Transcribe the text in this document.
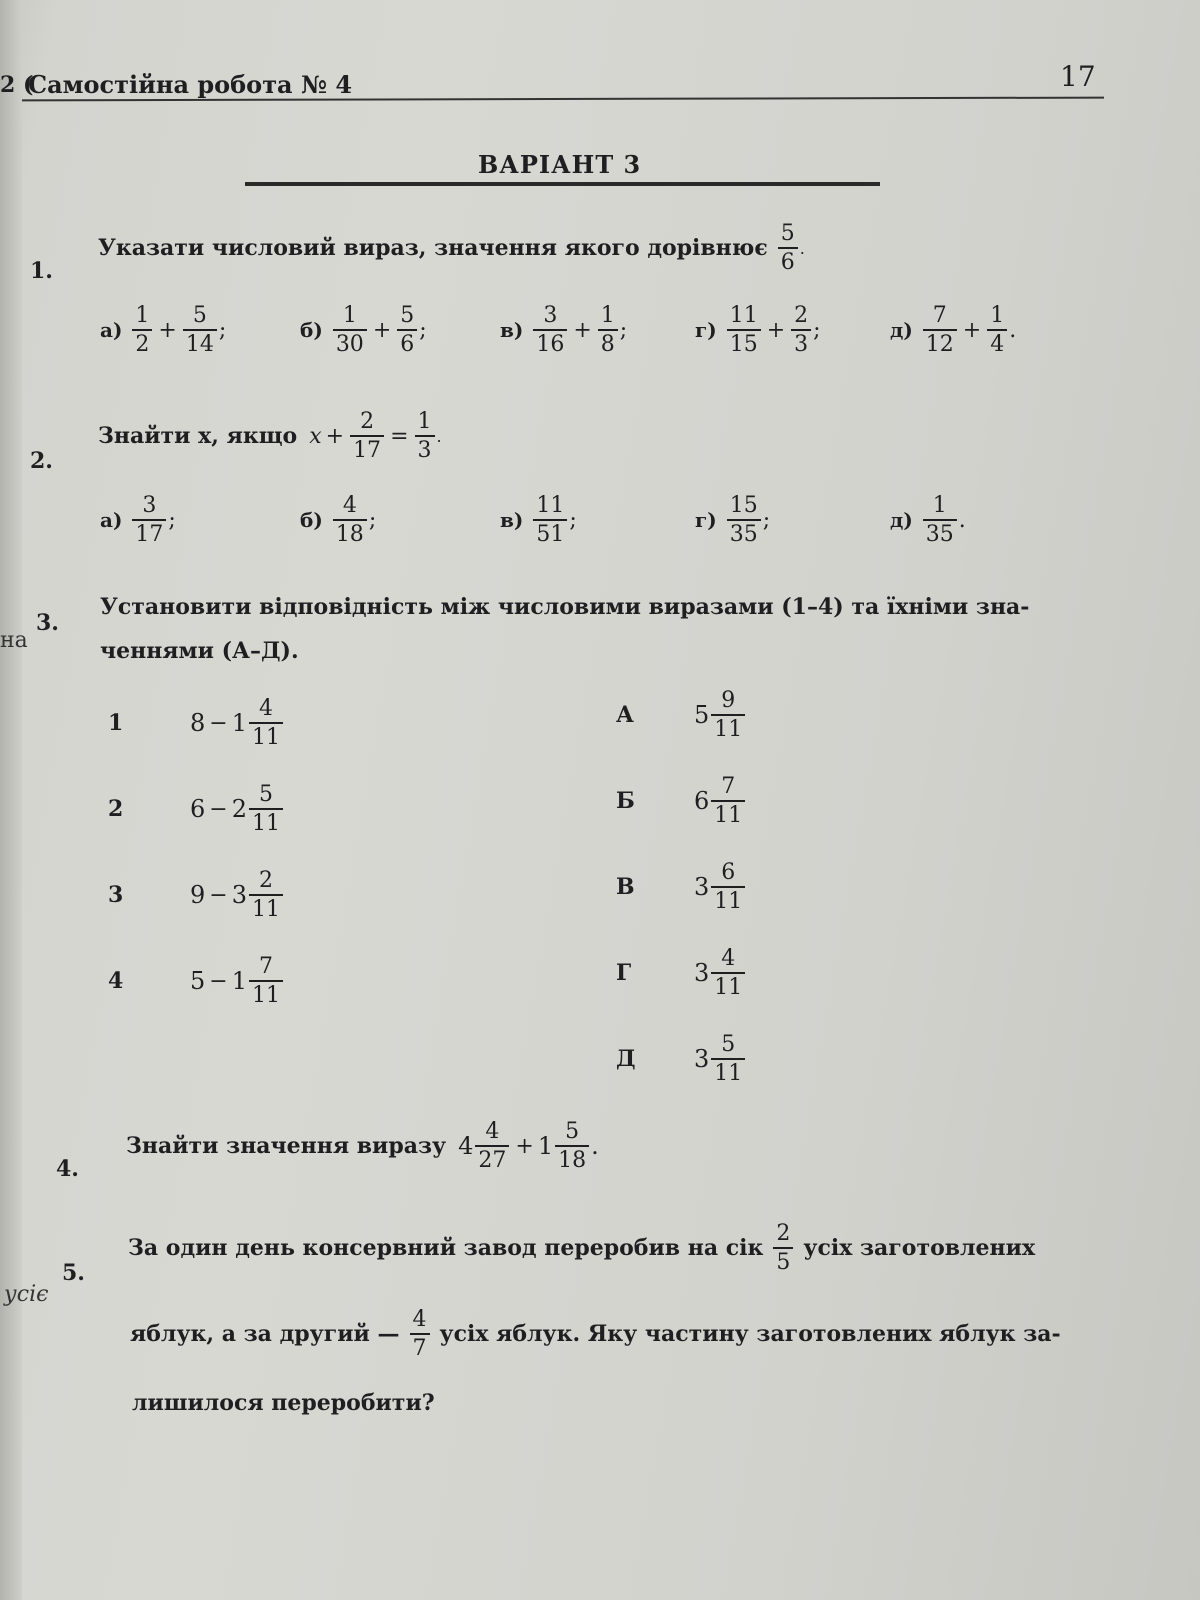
2 (
на
усіє
Самостійна робота № 4	17
ВАРІАНТ 3
1.
Указати числовий вираз, значення якого дорівнює $\frac{5}{6}$ .
$а) \frac{1}{2} + \frac{5}{14}$ ;	$б) \frac{1}{30} + \frac{5}{6}$ ;	$в) \frac{3}{16} + \frac{1}{8}$ ;	$г) \frac{11}{15} + \frac{2}{3}$ ;	$д) \frac{7}{12} + \frac{1}{4}$ .
2.
Знайти x, якщо $x + \frac{2}{17} = \frac{1}{3}$ .
$а) \frac{3}{17}$ ;	$б) \frac{4}{18}$ ;	$в) \frac{11}{51}$ ;	$г) \frac{15}{35}$ ;	$д) \frac{1}{35}$ .
3.
Установити відповідність між числовими виразами (1–4) та їхніми зна-
ченнями (А–Д).
1	$8 - 1 \frac{4}{11}$
2	$6 - 2 \frac{5}{11}$
3	$9 - 3 \frac{2}{11}$
4	$5 - 1 \frac{7}{11}$
А	$5 \frac{9}{11}$
Б	$6 \frac{7}{11}$
В	$3 \frac{6}{11}$
Г	$3 \frac{4}{11}$
Д	$3 \frac{5}{11}$
4.
Знайти значення виразу $4 \frac{4}{27} + 1 \frac{5}{18}$ .
5.
За один день консервний завод переробив на сік $\frac{2}{5}$ усіх заготовлених
яблук, а за другий — $\frac{4}{7}$ усіх яблук. Яку частину заготовлених яблук за-
лишилося переробити?
